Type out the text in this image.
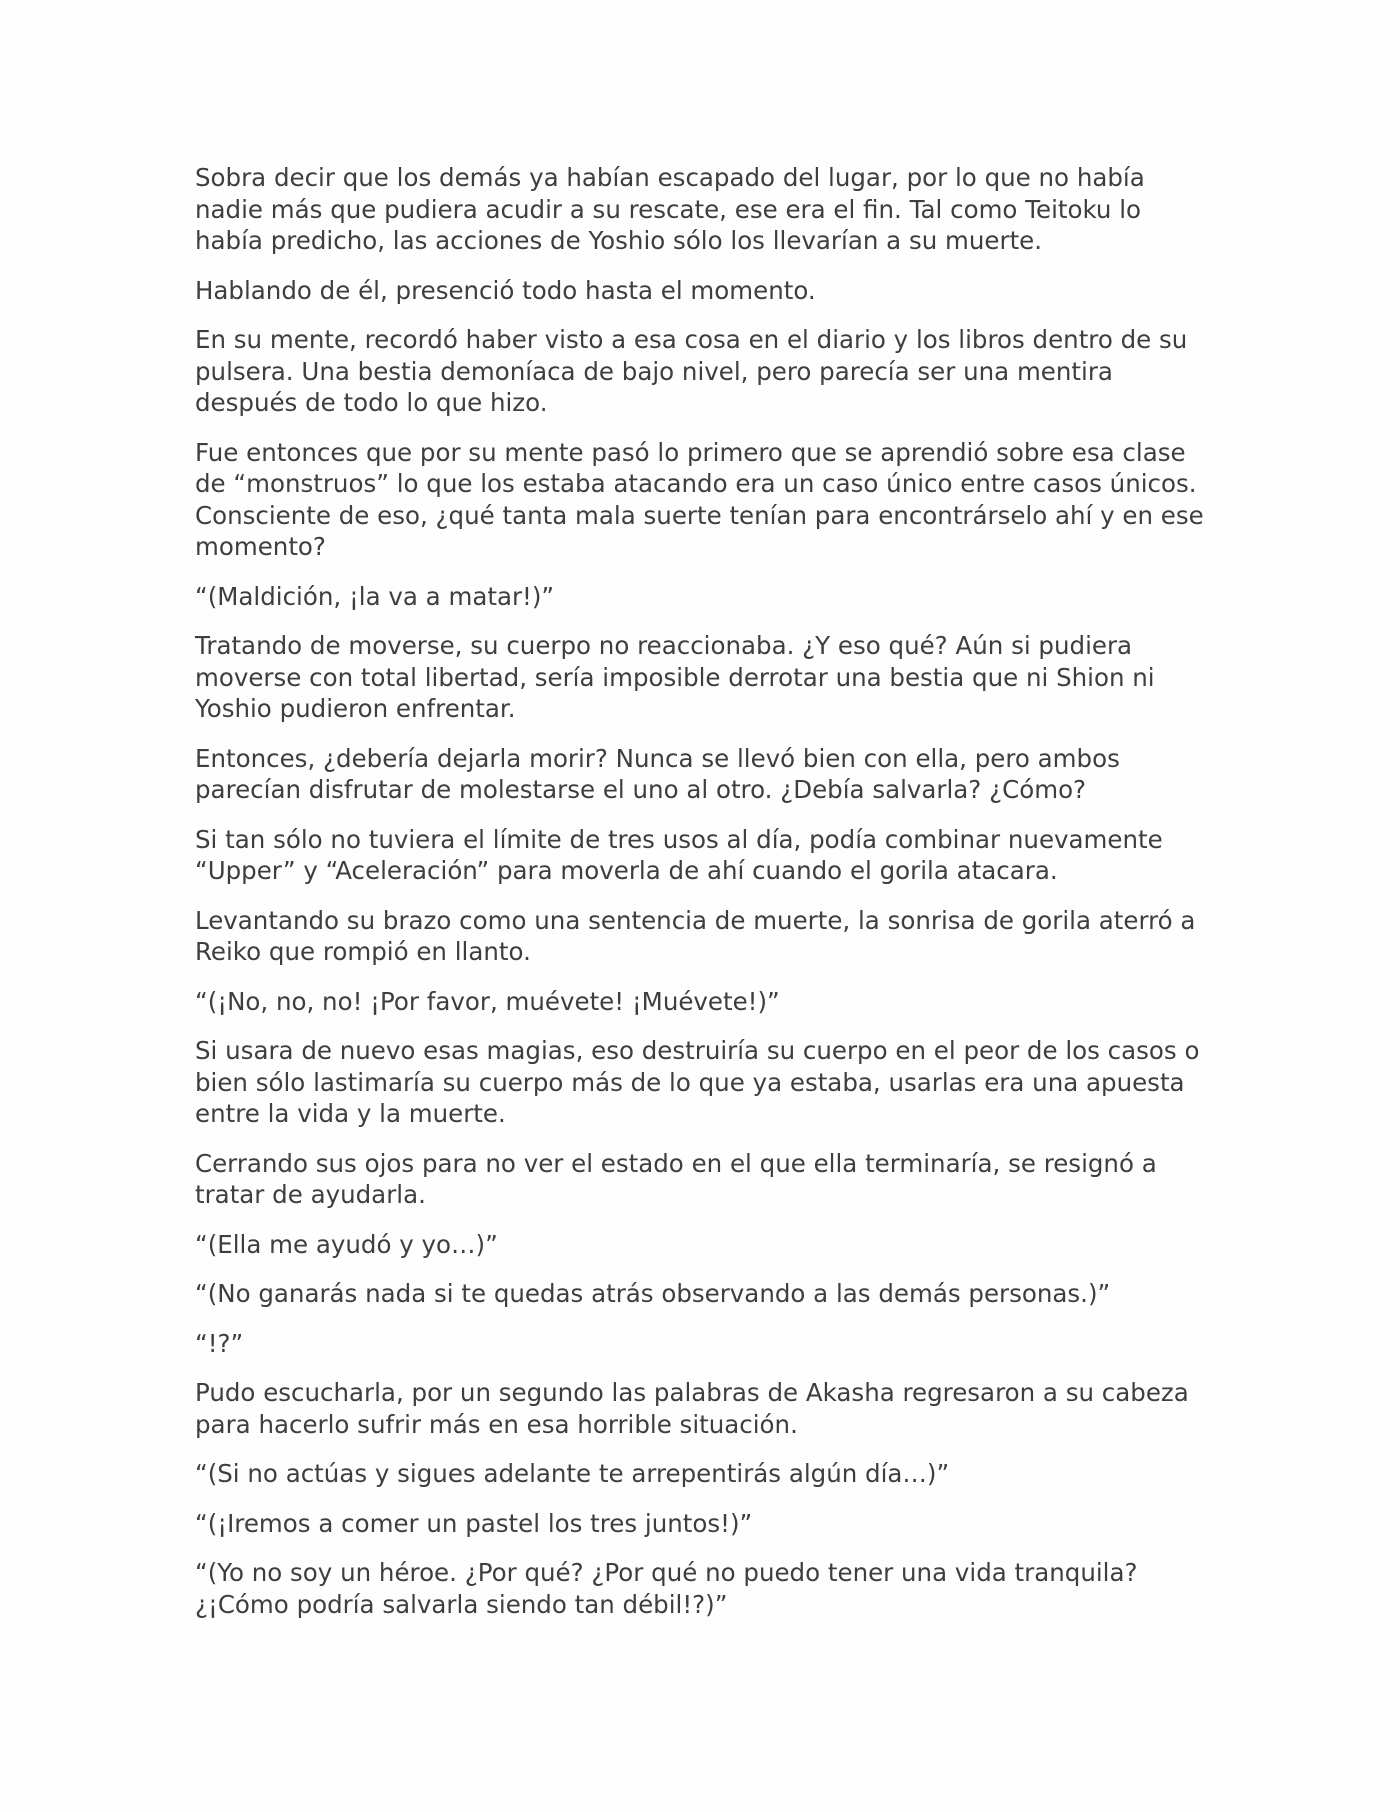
Sobra decir que los demás ya habían escapado del lugar, por lo que no había nadie más que pudiera acudir a su rescate, ese era el fin. Tal como Teitoku lo había predicho, las acciones de Yoshio sólo los llevarían a su muerte.

Hablando de él, presenció todo hasta el momento.

En su mente, recordó haber visto a esa cosa en el diario y los libros dentro de su pulsera. Una bestia demoníaca de bajo nivel, pero parecía ser una mentira después de todo lo que hizo.

Fue entonces que por su mente pasó lo primero que se aprendió sobre esa clase de “monstruos” lo que los estaba atacando era un caso único entre casos únicos. Consciente de eso, ¿qué tanta mala suerte tenían para encontrárselo ahí y en ese momento?

“(Maldición, ¡la va a matar!)”

Tratando de moverse, su cuerpo no reaccionaba. ¿Y eso qué? Aún si pudiera moverse con total libertad, sería imposible derrotar una bestia que ni Shion ni Yoshio pudieron enfrentar.

Entonces, ¿debería dejarla morir? Nunca se llevó bien con ella, pero ambos parecían disfrutar de molestarse el uno al otro. ¿Debía salvarla? ¿Cómo?

Si tan sólo no tuviera el límite de tres usos al día, podía combinar nuevamente “Upper” y “Aceleración” para moverla de ahí cuando el gorila atacara.

Levantando su brazo como una sentencia de muerte, la sonrisa de gorila aterró a Reiko que rompió en llanto.

“(¡No, no, no! ¡Por favor, muévete! ¡Muévete!)”

Si usara de nuevo esas magias, eso destruiría su cuerpo en el peor de los casos o bien sólo lastimaría su cuerpo más de lo que ya estaba, usarlas era una apuesta entre la vida y la muerte.

Cerrando sus ojos para no ver el estado en el que ella terminaría, se resignó a tratar de ayudarla.

“(Ella me ayudó y yo…)”

“(No ganarás nada si te quedas atrás observando a las demás personas.)”

“!?”

Pudo escucharla, por un segundo las palabras de Akasha regresaron a su cabeza para hacerlo sufrir más en esa horrible situación.

“(Si no actúas y sigues adelante te arrepentirás algún día…)”

“(¡Iremos a comer un pastel los tres juntos!)”

“(Yo no soy un héroe. ¿Por qué? ¿Por qué no puedo tener una vida tranquila? ¿¡Cómo podría salvarla siendo tan débil!?)”
